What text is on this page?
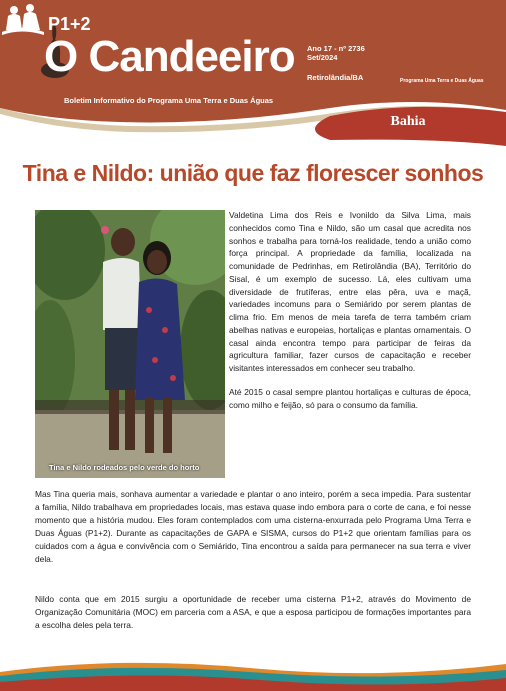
O Candeeiro
Boletim Informativo do Programa Uma Terra e Duas Águas
Ano 17 - nº 2736
Set/2024
Retirolândia/BA
P1+2
Programa Uma Terra e Duas Águas
Bahia
Tina e Nildo: união que faz florescer sonhos
Tina e Nildo rodeados pelo verde do horto

Valdetina Lima dos Reis e Ivonildo da Silva Lima, mais conhecidos como Tina e Nildo, são um casal que acredita nos sonhos e trabalha para torná-los realidade, tendo a união como força principal. A propriedade da família, localizada na comunidade de Pedrinhas, em Retirolândia (BA), Território do Sisal, é um exemplo de sucesso. Lá, eles cultivam uma diversidade de frutíferas, entre elas pêra, uva e maçã, variedades incomuns para o Semiárido por serem plantas de clima frio. Em menos de meia tarefa de terra também criam abelhas nativas e europeias, hortaliças e plantas ornamentais. O casal ainda encontra tempo para participar de feiras da agricultura familiar, fazer cursos de capacitação e receber visitantes interessados em conhecer seu trabalho.

Até 2015 o casal sempre plantou hortaliças e culturas de época, como milho e feijão, só para o consumo da família.

Mas Tina queria mais, sonhava aumentar a variedade e plantar o ano inteiro, porém a seca impedia. Para sustentar a família, Nildo trabalhava em propriedades locais, mas estava quase indo embora para o corte de cana, e foi nesse momento que a história mudou. Eles foram contemplados com uma cisterna-enxurrada pelo Programa Uma Terra e Duas Águas (P1+2). Durante as capacitações de GAPA e SISMA, cursos do P1+2 que orientam famílias para os cuidados com a água e convivência com o Semiárido, Tina encontrou a saída para permanecer na sua terra e viver dela.

Nildo conta que em 2015 surgiu a oportunidade de receber uma cisterna P1+2, através do Movimento de Organização Comunitária (MOC) em parceria com a ASA, e que a esposa participou de formações importantes para a escolha deles pela terra.
